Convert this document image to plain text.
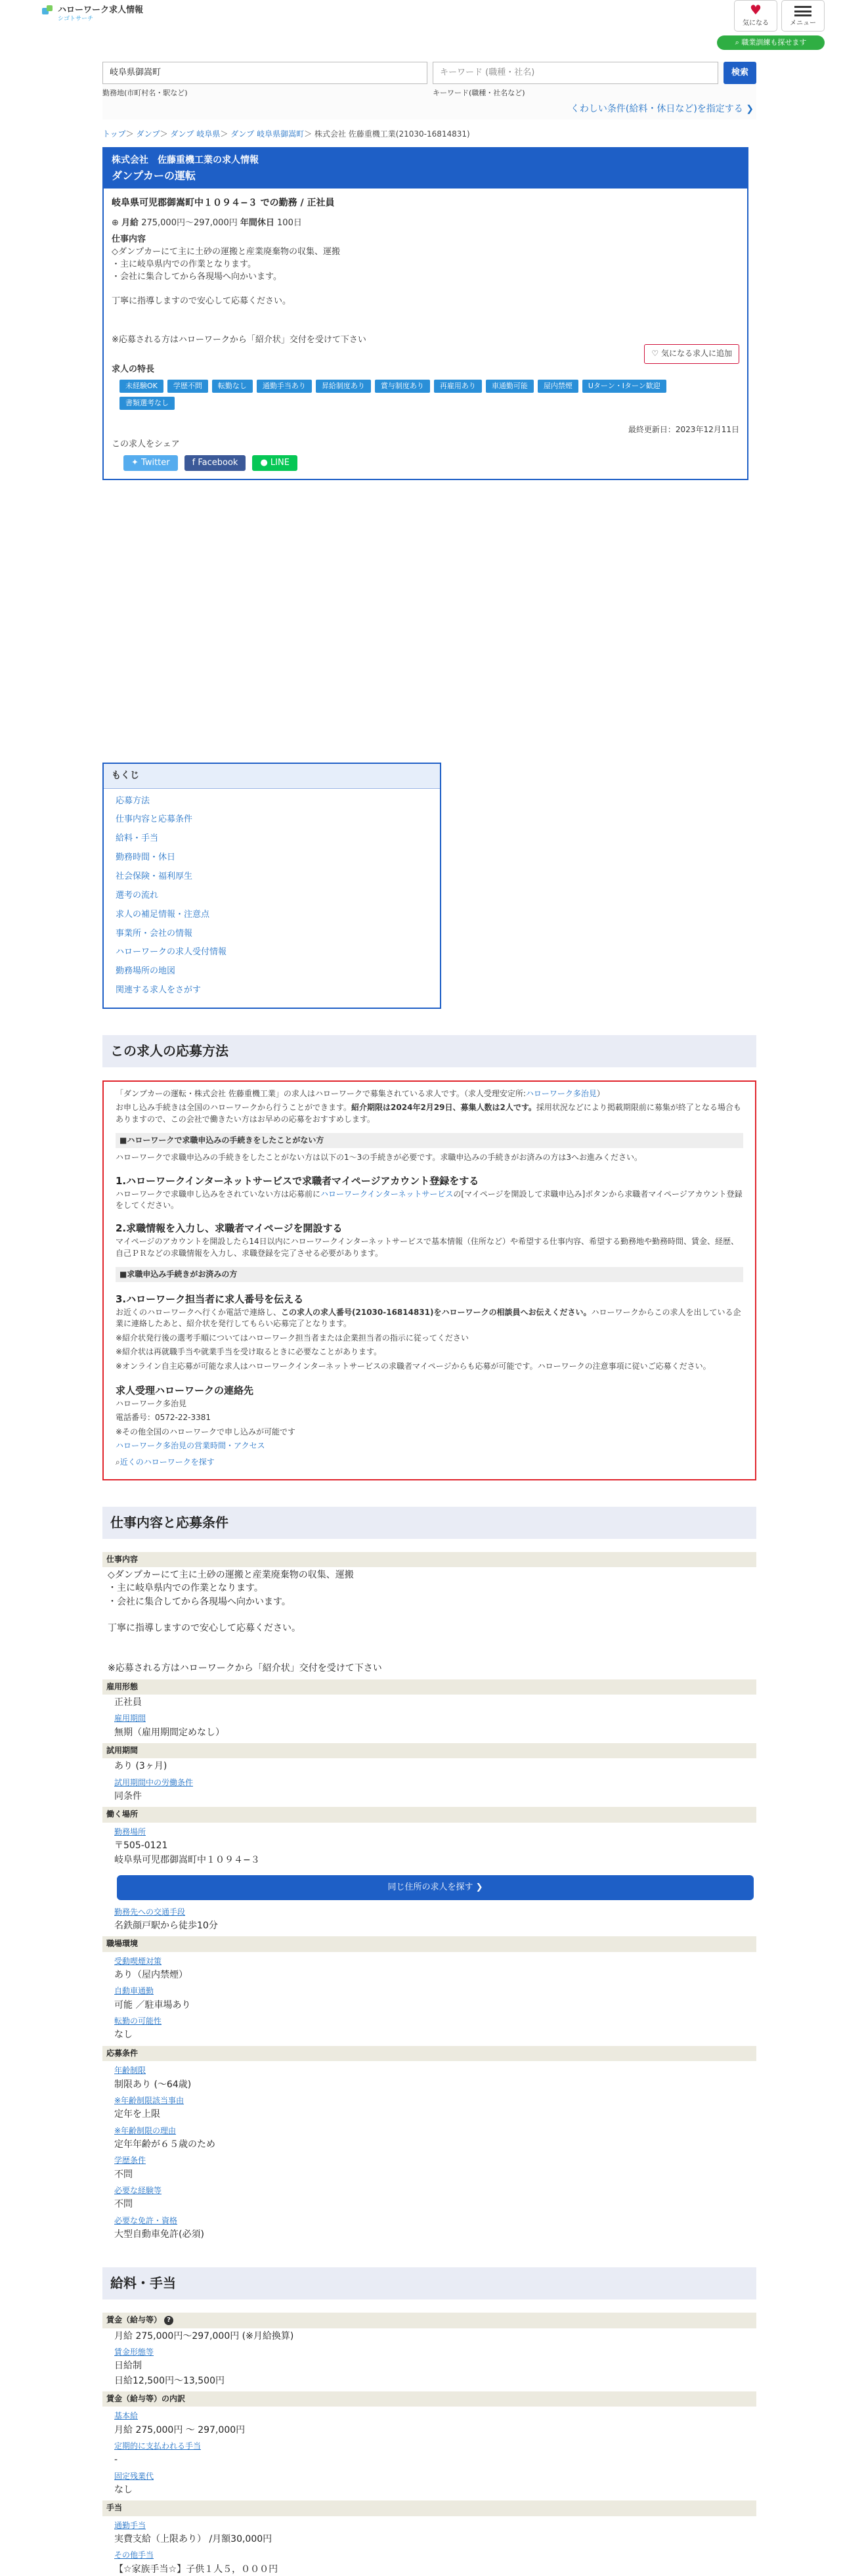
ハローワーク求人情報
シゴトサーチ
♥
気になる	メニュー
⌕ 職業訓練も探せます
岐阜県御嵩町
勤務地(市町村名・駅など)
キーワード (職種・社名)
キーワード(職種・社名など)
検索
くわしい条件(給料・休日など)を指定する ❯
トップ＞ ダンプ＞ ダンプ 岐阜県＞ ダンプ 岐阜県御嵩町＞ 株式会社 佐藤重機工業(21030-16814831)
株式会社　佐藤重機工業の求人情報
ダンプカーの運転
岐阜県可児郡御嵩町中１０９４−３ での勤務 / 正社員
⊕ 月給 275,000円〜297,000円 年間休日 100日
仕事内容
◇ダンプカーにて主に土砂の運搬と産業廃棄物の収集、運搬
・主に岐阜県内での作業となります。
・会社に集合してから各現場へ向かいます。

丁寧に指導しますので安心して応募ください。
※応募される方はハローワークから「紹介状」交付を受けて下さい
♡ 気になる求人に追加
求人の特長
未経験OK	学歴不問	転勤なし	通勤手当あり	昇給制度あり	賞与制度あり	再雇用あり	車通勤可能	屋内禁煙	Uターン・Iターン歓迎
書類選考なし
最終更新日：2023年12月11日
この求人をシェア
✦ Twitter	f Facebook	● LINE
もくじ
応募方法
仕事内容と応募条件
給料・手当
勤務時間・休日
社会保険・福利厚生
選考の流れ
求人の補足情報・注意点
事業所・会社の情報
ハローワークの求人受付情報
勤務場所の地図
関連する求人をさがす
この求人の応募方法

「ダンプカーの運転・株式会社 佐藤重機工業」の求人はハローワークで募集されている求人です。（求人受理安定所:ハローワーク多治見）

お申し込み手続きは全国のハローワークから行うことができます。紹介期限は2024年2月29日、募集人数は2人です。採用状況などにより掲載期限前に募集が終了となる場合もありますので、この会社で働きたい方はお早めの応募をおすすめします。

■ハローワークで求職申込みの手続きをしたことがない方

ハローワークで求職申込みの手続きをしたことがない方は以下の1〜3の手続きが必要です。求職申込みの手続きがお済みの方は3へお進みください。

1.ハローワークインターネットサービスで求職者マイページアカウント登録をする

ハローワークで求職申し込みをされていない方は応募前にハローワークインターネットサービスの[マイページを開設して求職申込み]ボタンから求職者マイページアカウント登録をしてください。

2.求職情報を入力し、求職者マイページを開設する

マイページのアカウントを開設したら14日以内にハローワークインターネットサービスで基本情報（住所など）や希望する仕事内容、希望する勤務地や勤務時間、賃金、経歴、自己ＰＲなどの求職情報を入力し、求職登録を完了させる必要があります。

■求職申込み手続きがお済みの方
3.ハローワーク担当者に求人番号を伝える

お近くのハローワークへ行くか電話で連絡し、この求人の求人番号(21030-16814831)をハローワークの相談員へお伝えください。ハローワークからこの求人を出している企業に連絡したあと、紹介状を発行してもらい応募完了となります。

※紹介状発行後の選考手順についてはハローワーク担当者または企業担当者の指示に従ってください

※紹介状は再就職手当や就業手当を受け取るときに必要なことがあります。

※オンライン自主応募が可能な求人はハローワークインターネットサービスの求職者マイページからも応募が可能です。ハローワークの注意事項に従いご応募ください。

求人受理ハローワークの連絡先

ハローワーク多治見

電話番号：0572-22-3381

※その他全国のハローワークで申し込みが可能です

ハローワーク多治見の営業時間・アクセス

⌕近くのハローワークを探す

仕事内容と応募条件
仕事内容
◇ダンプカーにて主に土砂の運搬と産業廃棄物の収集、運搬
・主に岐阜県内での作業となります。
・会社に集合してから各現場へ向かいます。

丁寧に指導しますので安心して応募ください。

※応募される方はハローワークから「紹介状」交付を受けて下さい
雇用形態
正社員
雇用期間
無期（雇用期間定めなし）
試用期間
あり (3ヶ月)
試用期間中の労働条件
同条件
働く場所
勤務場所
〒505-0121
岐阜県可児郡御嵩町中１０９４−３
同じ住所の求人を探す ❯
勤務先への交通手段
名鉄顔戸駅から徒歩10分
職場環境
受動喫煙対策
あり（屋内禁煙）
自動車通勤
可能 ／駐車場あり
転勤の可能性
なし
応募条件
年齢制限
制限あり (〜64歳)
※年齢制限該当事由
定年を上限
※年齢制限の理由
定年年齢が６５歳のため
学歴条件
不問
必要な経験等
不問
必要な免許・資格
大型自動車免許(必須)
給料・手当
賃金（給与等） ?
月給 275,000円〜297,000円 (※月給換算)
賃金形態等
日給制
日給12,500円〜13,500円
賃金（給与等）の内訳
基本給
月給 275,000円 〜 297,000円
定期的に支払われる手当
-
固定残業代
なし
手当
通勤手当
実費支給（上限あり） /月額30,000円
その他手当
【☆家族手当☆】子供１人５，０００円
